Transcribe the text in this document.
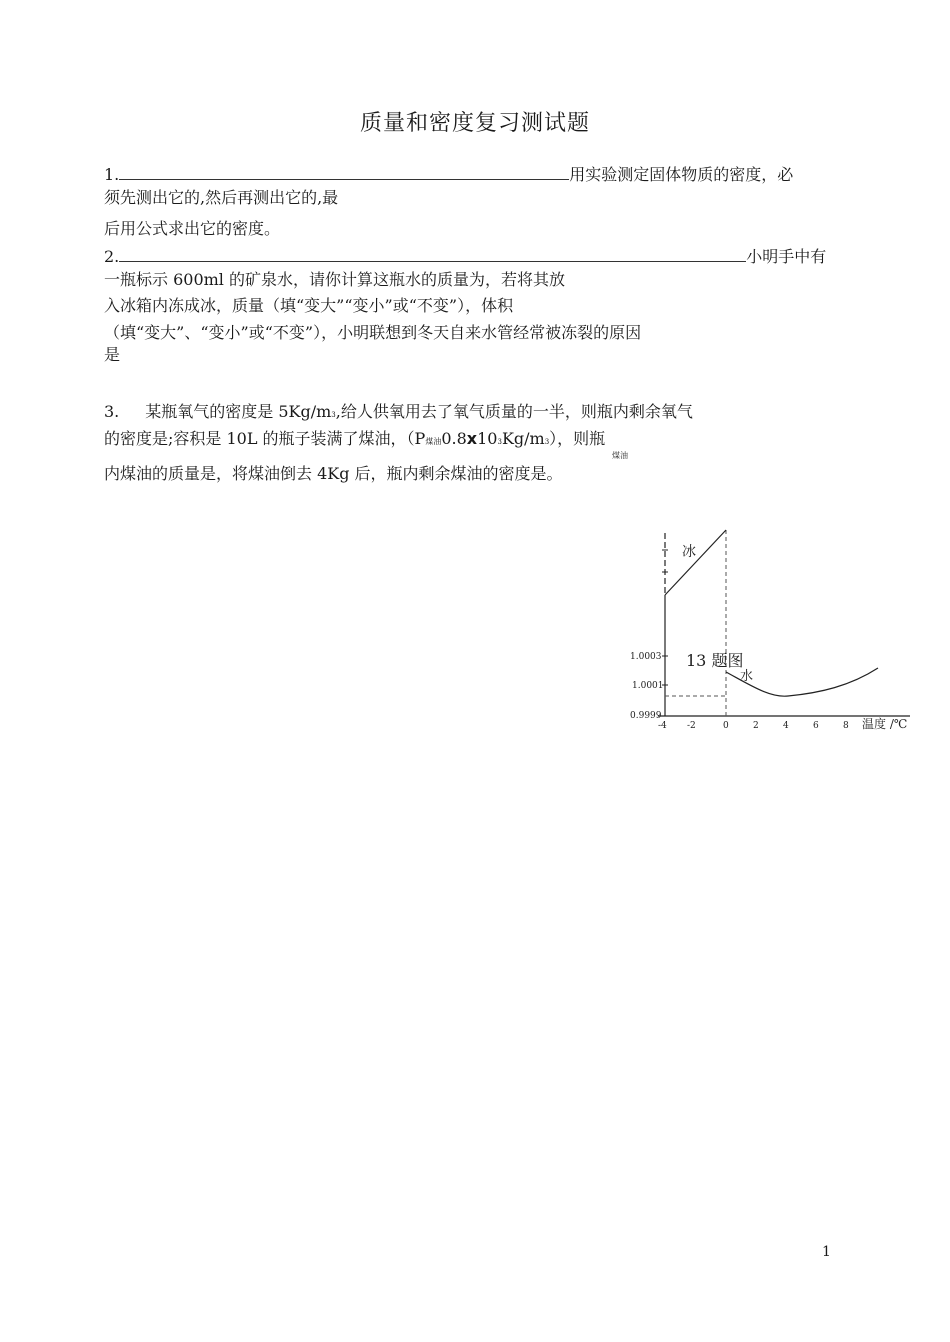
质量和密度复习测试题
1.	用实验测定固体物质的密度，必
须先测出它的,然后再测出它的,最
后用公式求出它的密度。
2.	小明手中有
一瓶标示 600ml 的矿泉水，请你计算这瓶水的质量为，若将其放
入冰箱内冻成冰，质量（填“变大”“变小”或“不变”），体积
（填“变大”、“变小”或“不变”），小明联想到冬天自来水管经常被冻裂的原因
是
3. 某瓶氧气的密度是 5Kg/m3,给人供氧用去了氧气质量的一半，则瓶内剩余氧气
的密度是;容积是 10L 的瓶子装满了煤油，（P煤油0.8x103Kg/m3），则瓶
煤油
内煤油的质量是，将煤油倒去 4Kg 后，瓶内剩余煤油的密度是。
冰
水
13 题图
1.0003
1.0001
0.9999
-4 -2	0	2	4	6	8 温度 /℃
1
